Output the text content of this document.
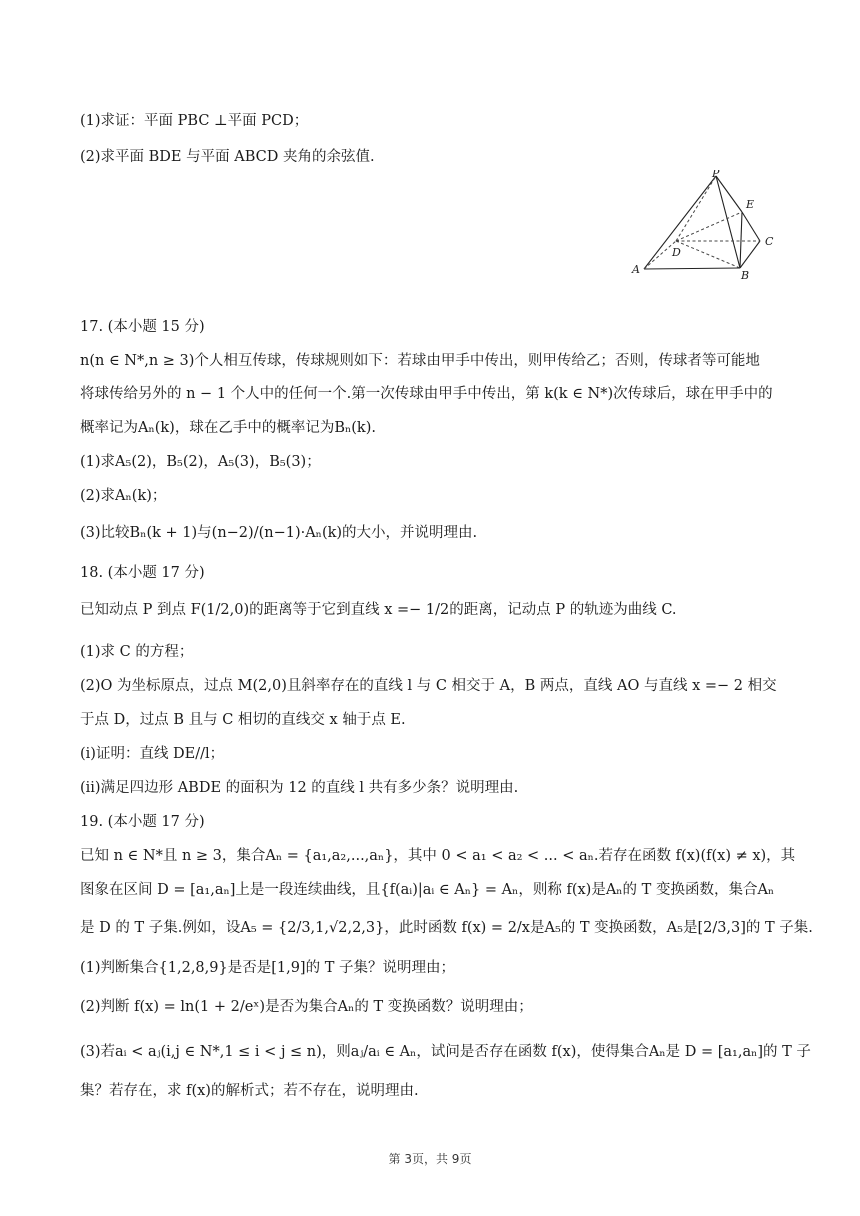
(1)求证：平面 PBC ⊥平面 PCD；
(2)求平面 BDE 与平面 ABCD 夹角的余弦值.
P
E
C
D
A	B
17. (本小题 15 分)
n(n ∈ N*,n ≥ 3)个人相互传球，传球规则如下：若球由甲手中传出，则甲传给乙；否则，传球者等可能地
将球传给另外的 n − 1 个人中的任何一个.第一次传球由甲手中传出，第 k(k ∈ N*)次传球后，球在甲手中的
概率记为Aₙ(k)，球在乙手中的概率记为Bₙ(k).
(1)求A₅(2)，B₅(2)，A₅(3)，B₅(3)；
(2)求Aₙ(k)；
(3)比较Bₙ(k + 1)与(n−2)/(n−1)·Aₙ(k)的大小，并说明理由.
18. (本小题 17 分)
已知动点 P 到点 F(1/2,0)的距离等于它到直线 x =− 1/2的距离，记动点 P 的轨迹为曲线 C.
(1)求 C 的方程；
(2)O 为坐标原点，过点 M(2,0)且斜率存在的直线 l 与 C 相交于 A，B 两点，直线 AO 与直线 x =− 2 相交
于点 D，过点 B 且与 C 相切的直线交 x 轴于点 E.
(i)证明：直线 DE//l；
(ii)满足四边形 ABDE 的面积为 12 的直线 l 共有多少条？说明理由.
19. (本小题 17 分)
已知 n ∈ N*且 n ≥ 3，集合Aₙ = {a₁,a₂,...,aₙ}，其中 0 < a₁ < a₂ < ... < aₙ.若存在函数 f(x)(f(x) ≠ x)，其
图象在区间 D = [a₁,aₙ]上是一段连续曲线，且{f(aᵢ)|aᵢ ∈ Aₙ} = Aₙ，则称 f(x)是Aₙ的 T 变换函数，集合Aₙ
是 D 的 T 子集.例如，设A₅ = {2/3,1,√2,2,3}，此时函数 f(x) = 2/x是A₅的 T 变换函数，A₅是[2/3,3]的 T 子集.
(1)判断集合{1,2,8,9}是否是[1,9]的 T 子集？说明理由；
(2)判断 f(x) = ln(1 + 2/eˣ)是否为集合Aₙ的 T 变换函数？说明理由；
(3)若aᵢ < aⱼ(i,j ∈ N*,1 ≤ i < j ≤ n)，则aⱼ/aᵢ ∈ Aₙ，试问是否存在函数 f(x)，使得集合Aₙ是 D = [a₁,aₙ]的 T 子
集？若存在，求 f(x)的解析式；若不存在，说明理由.
第 3页，共 9页
